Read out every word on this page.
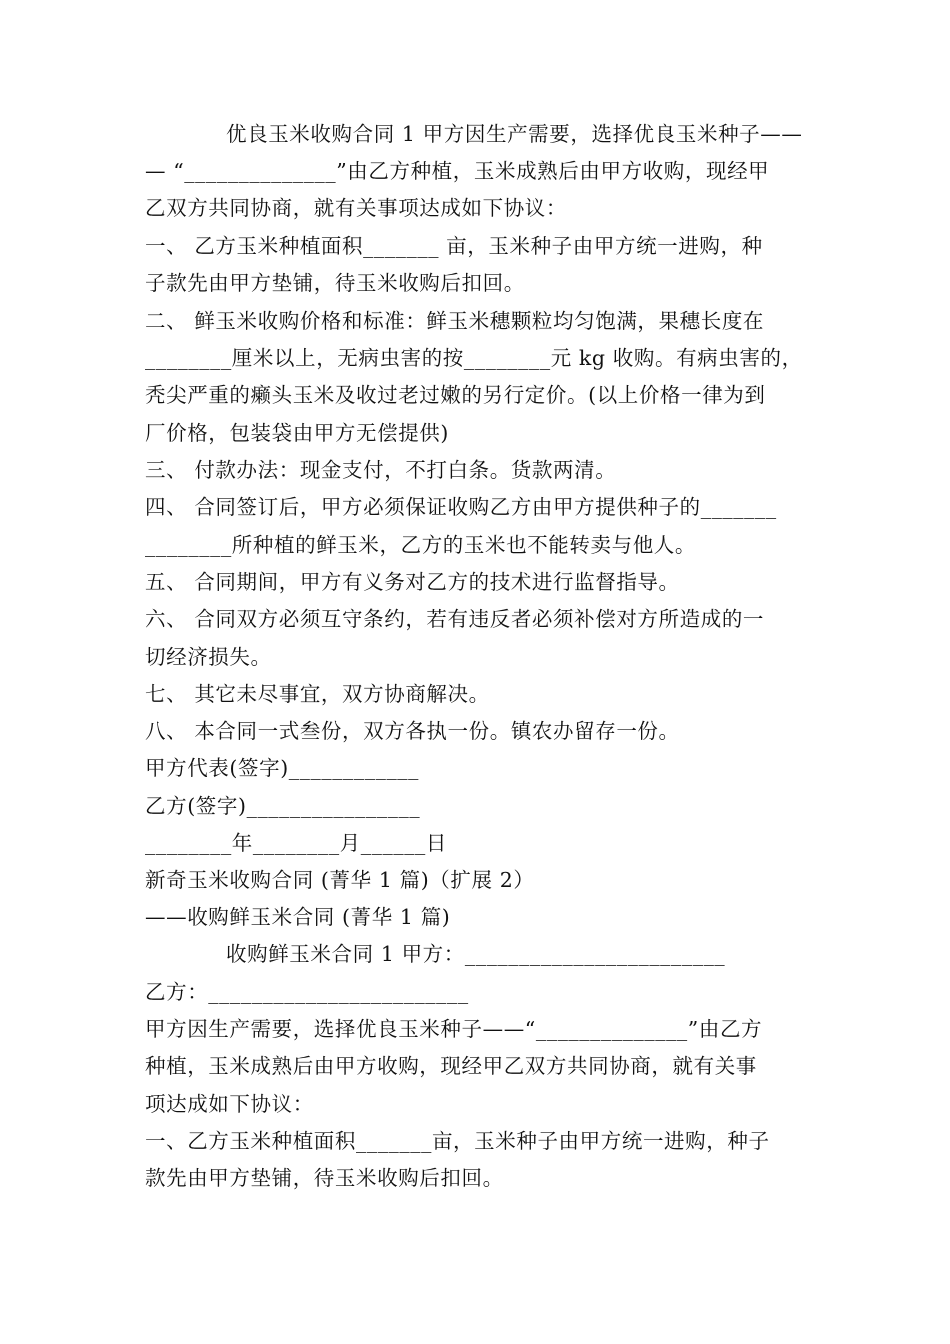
优良玉米收购合同 1 甲方因生产需要，选择优良玉米种子——
— “______________”由乙方种植，玉米成熟后由甲方收购，现经甲
乙双方共同协商，就有关事项达成如下协议：
一、 乙方玉米种植面积_______ 亩，玉米种子由甲方统一进购，种
子款先由甲方垫铺，待玉米收购后扣回。
二、 鲜玉米收购价格和标准：鲜玉米穗颗粒均匀饱满，果穗长度在
________厘米以上，无病虫害的按________元 kg 收购。有病虫害的，
秃尖严重的癞头玉米及收过老过嫩的另行定价。(以上价格一律为到
厂价格，包装袋由甲方无偿提供)
三、 付款办法：现金支付，不打白条。货款两清。
四、 合同签订后，甲方必须保证收购乙方由甲方提供种子的_______
________所种植的鲜玉米，乙方的玉米也不能转卖与他人。
五、 合同期间，甲方有义务对乙方的技术进行监督指导。
六、 合同双方必须互守条约，若有违反者必须补偿对方所造成的一
切经济损失。
七、 其它未尽事宜，双方协商解决。
八、 本合同一式叁份，双方各执一份。镇农办留存一份。
甲方代表(签字)____________
乙方(签字)________________
________年________月______日
新奇玉米收购合同 (菁华 1 篇)（扩展 2）
——收购鲜玉米合同 (菁华 1 篇)
收购鲜玉米合同 1 甲方：________________________
乙方：________________________
甲方因生产需要，选择优良玉米种子——“______________”由乙方
种植，玉米成熟后由甲方收购，现经甲乙双方共同协商，就有关事
项达成如下协议：
一、乙方玉米种植面积_______亩，玉米种子由甲方统一进购，种子
款先由甲方垫铺，待玉米收购后扣回。
